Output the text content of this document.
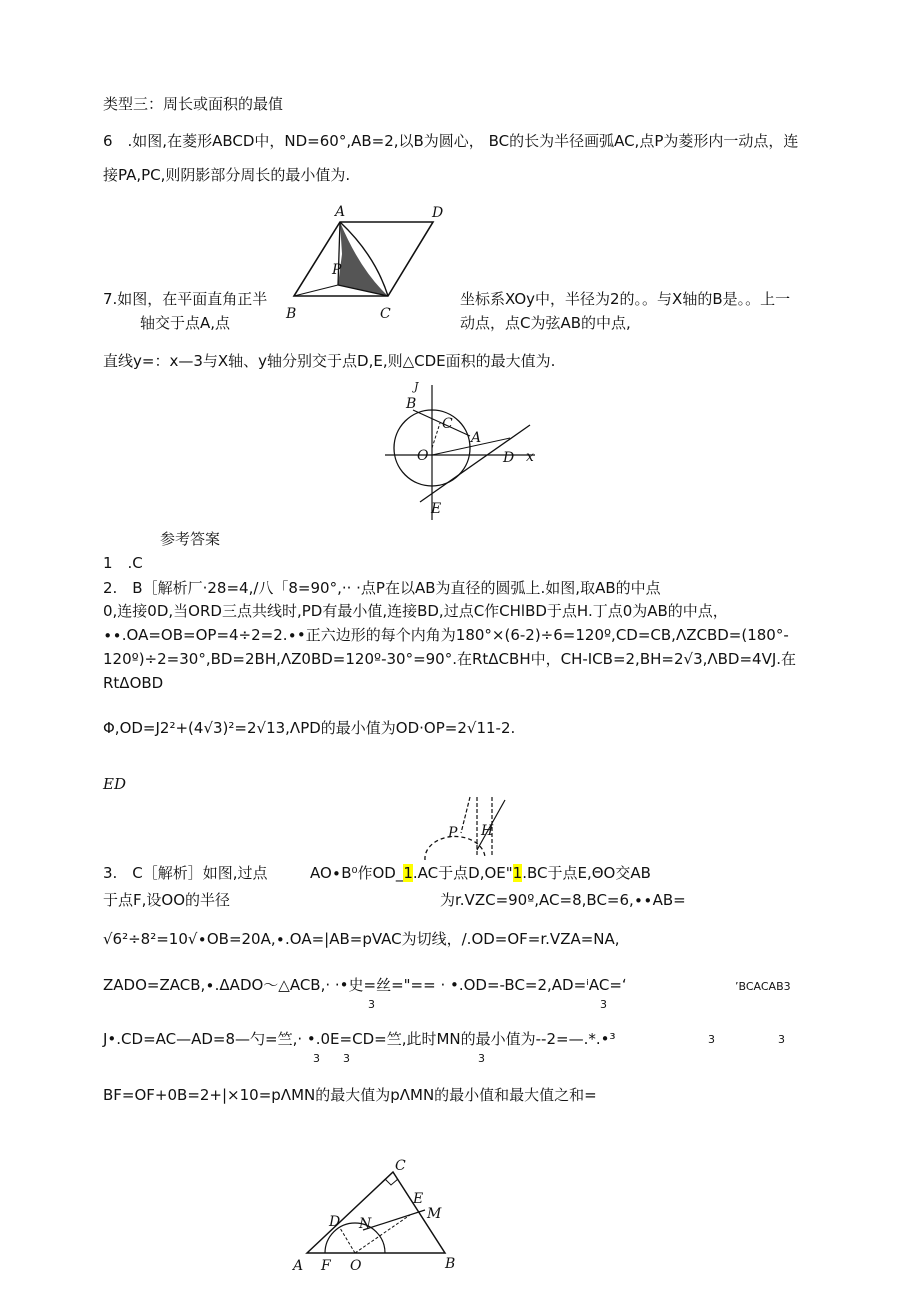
类型三：周长或面积的最值
6　.如图,在菱形ABCD中，ND=60°,AB=2,以B为圆心， BC的长为半径画弧AC,点P为菱形内一动点，连
接PA,PC,则阴影部分周长的最小值为.
A	D
P
B	C
7.如图，在平面直角正半
轴交于点A,点
坐标系XOy中，半径为2的。。与X轴的B是。。上一
动点，点C为弦AB的中点,
直线y=：x—3与X轴、y轴分别交于点D,E,则△CDE面积的最大值为.
J
B
C
A
O	D x
E
参考答案
1　.C
2.　B［解析厂·28=4,/八「8=90°,·· ·点P在以AB为直径的圆弧上.如图,取AB的中点
0,连接0D,当ORD三点共线时,PD有最小值,连接BD,过点C作CHlBD于点H.丁点0为AB的中点，
∙∙.OA=OB=OP=4÷2=2.∙•正六边形的每个内角为180°×(6-2)÷6=120º,CD=CB,ΛZCBD=(180°-
120º)÷2=30°,BD=2BH,ΛZ0BD=120º-30°=90°.在RtΔCBH中，CH-ICB=2,BH=2√3,ΛBD=4VJ.在
RtΔOBD
Φ,OD=J2²+(4√3)²=2√13,ΛPD的最小值为OD·OP=2√11-2.
ED
P H
3.　C［解析］如图,过点	AO∙B⁰作OD_1.AC于点D,OE"1.BC于点E,ΘO交AB
于点F,设OO的半径	为r.VZC=90º,AC=8,BC=6,∙∙AB=
√6²÷8²=10√∙OB=20A,∙.OA=|AB=pVAC为切线，/.OD=OF=r.VZA=NA,
ZADO=ZACB,∙.ΔADO～△ACB,· ·•史=丝="== · •.OD=-BC=2,AD=ⁱAC=ʻ	ʼBCACAB3
3	3
J•.CD=AC—AD=8—勺=竺,· •.0E=CD=竺,此时MN的最小值为--2=—.*.•³	3	3
3 3	3
BF=OF+0B=2+|×10=pΛMN的最大值为pΛMN的最小值和最大值之和=
C
E
M
D N
A F O	B
